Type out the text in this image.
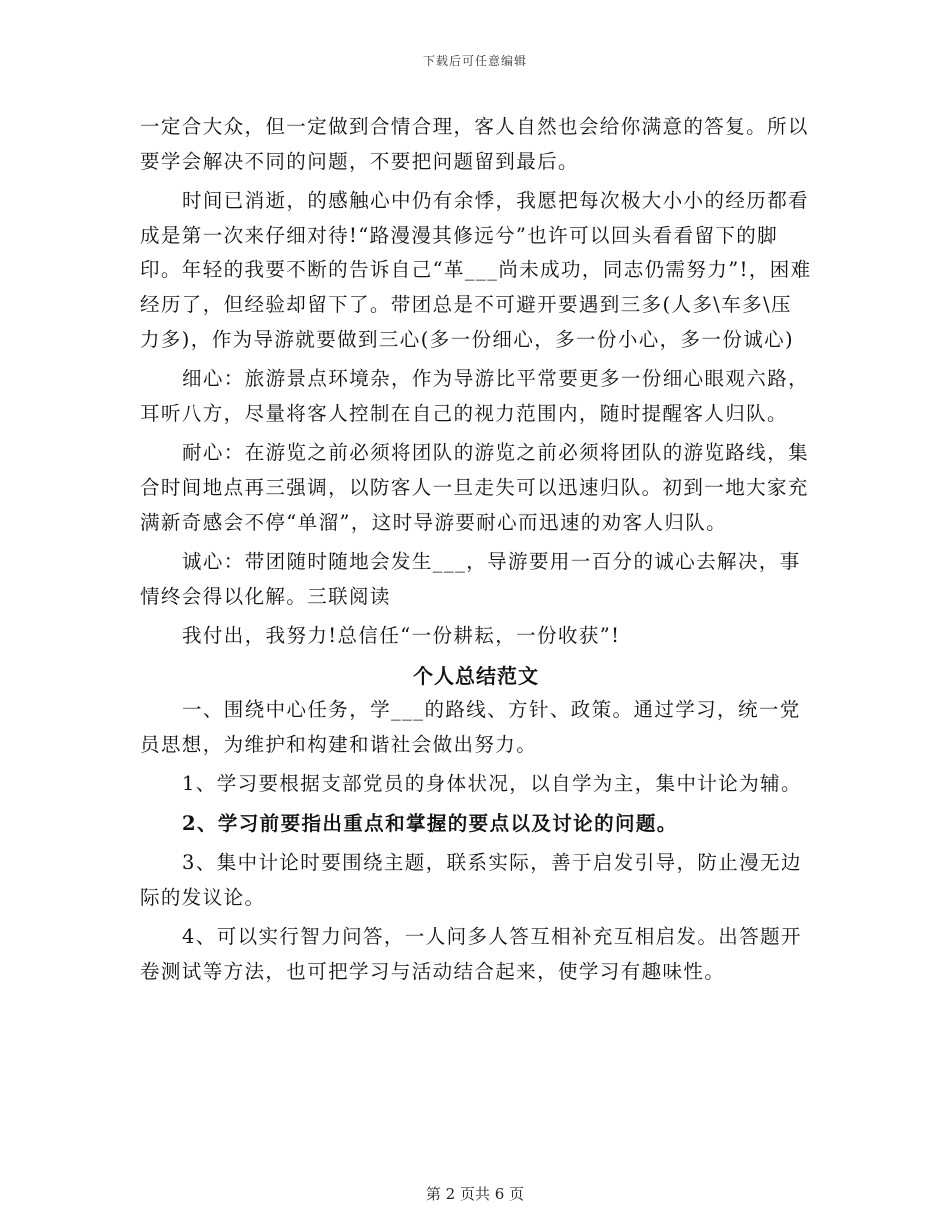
下载后可任意编辑

一定合大众，但一定做到合情合理，客人自然也会给你满意的答复。所以要学会解决不同的问题，不要把问题留到最后。

时间已消逝，的感触心中仍有余悸，我愿把每次极大小小的经历都看成是第一次来仔细对待!“路漫漫其修远兮”也许可以回头看看留下的脚印。年轻的我要不断的告诉自己“革___尚未成功，同志仍需努力”!，困难经历了，但经验却留下了。带团总是不可避开要遇到三多(人多\车多\压力多)，作为导游就要做到三心(多一份细心，多一份小心，多一份诚心)

细心：旅游景点环境杂，作为导游比平常要更多一份细心眼观六路，耳听八方，尽量将客人控制在自己的视力范围内，随时提醒客人归队。

耐心：在游览之前必须将团队的游览之前必须将团队的游览路线，集合时间地点再三强调，以防客人一旦走失可以迅速归队。初到一地大家充满新奇感会不停“单溜”，这时导游要耐心而迅速的劝客人归队。

诚心：带团随时随地会发生___，导游要用一百分的诚心去解决，事情终会得以化解。三联阅读

我付出，我努力!总信任“一份耕耘，一份收获”!

个人总结范文

一、围绕中心任务，学___的路线、方针、政策。通过学习，统一党员思想，为维护和构建和谐社会做出努力。

1、学习要根据支部党员的身体状况，以自学为主，集中计论为辅。

2、学习前要指出重点和掌握的要点以及讨论的问题。

3、集中计论时要围绕主题，联系实际，善于启发引导，防止漫无边际的发议论。

4、可以实行智力问答，一人问多人答互相补充互相启发。出答题开卷测试等方法，也可把学习与活动结合起来，使学习有趣味性。

第 2 页共 6 页
